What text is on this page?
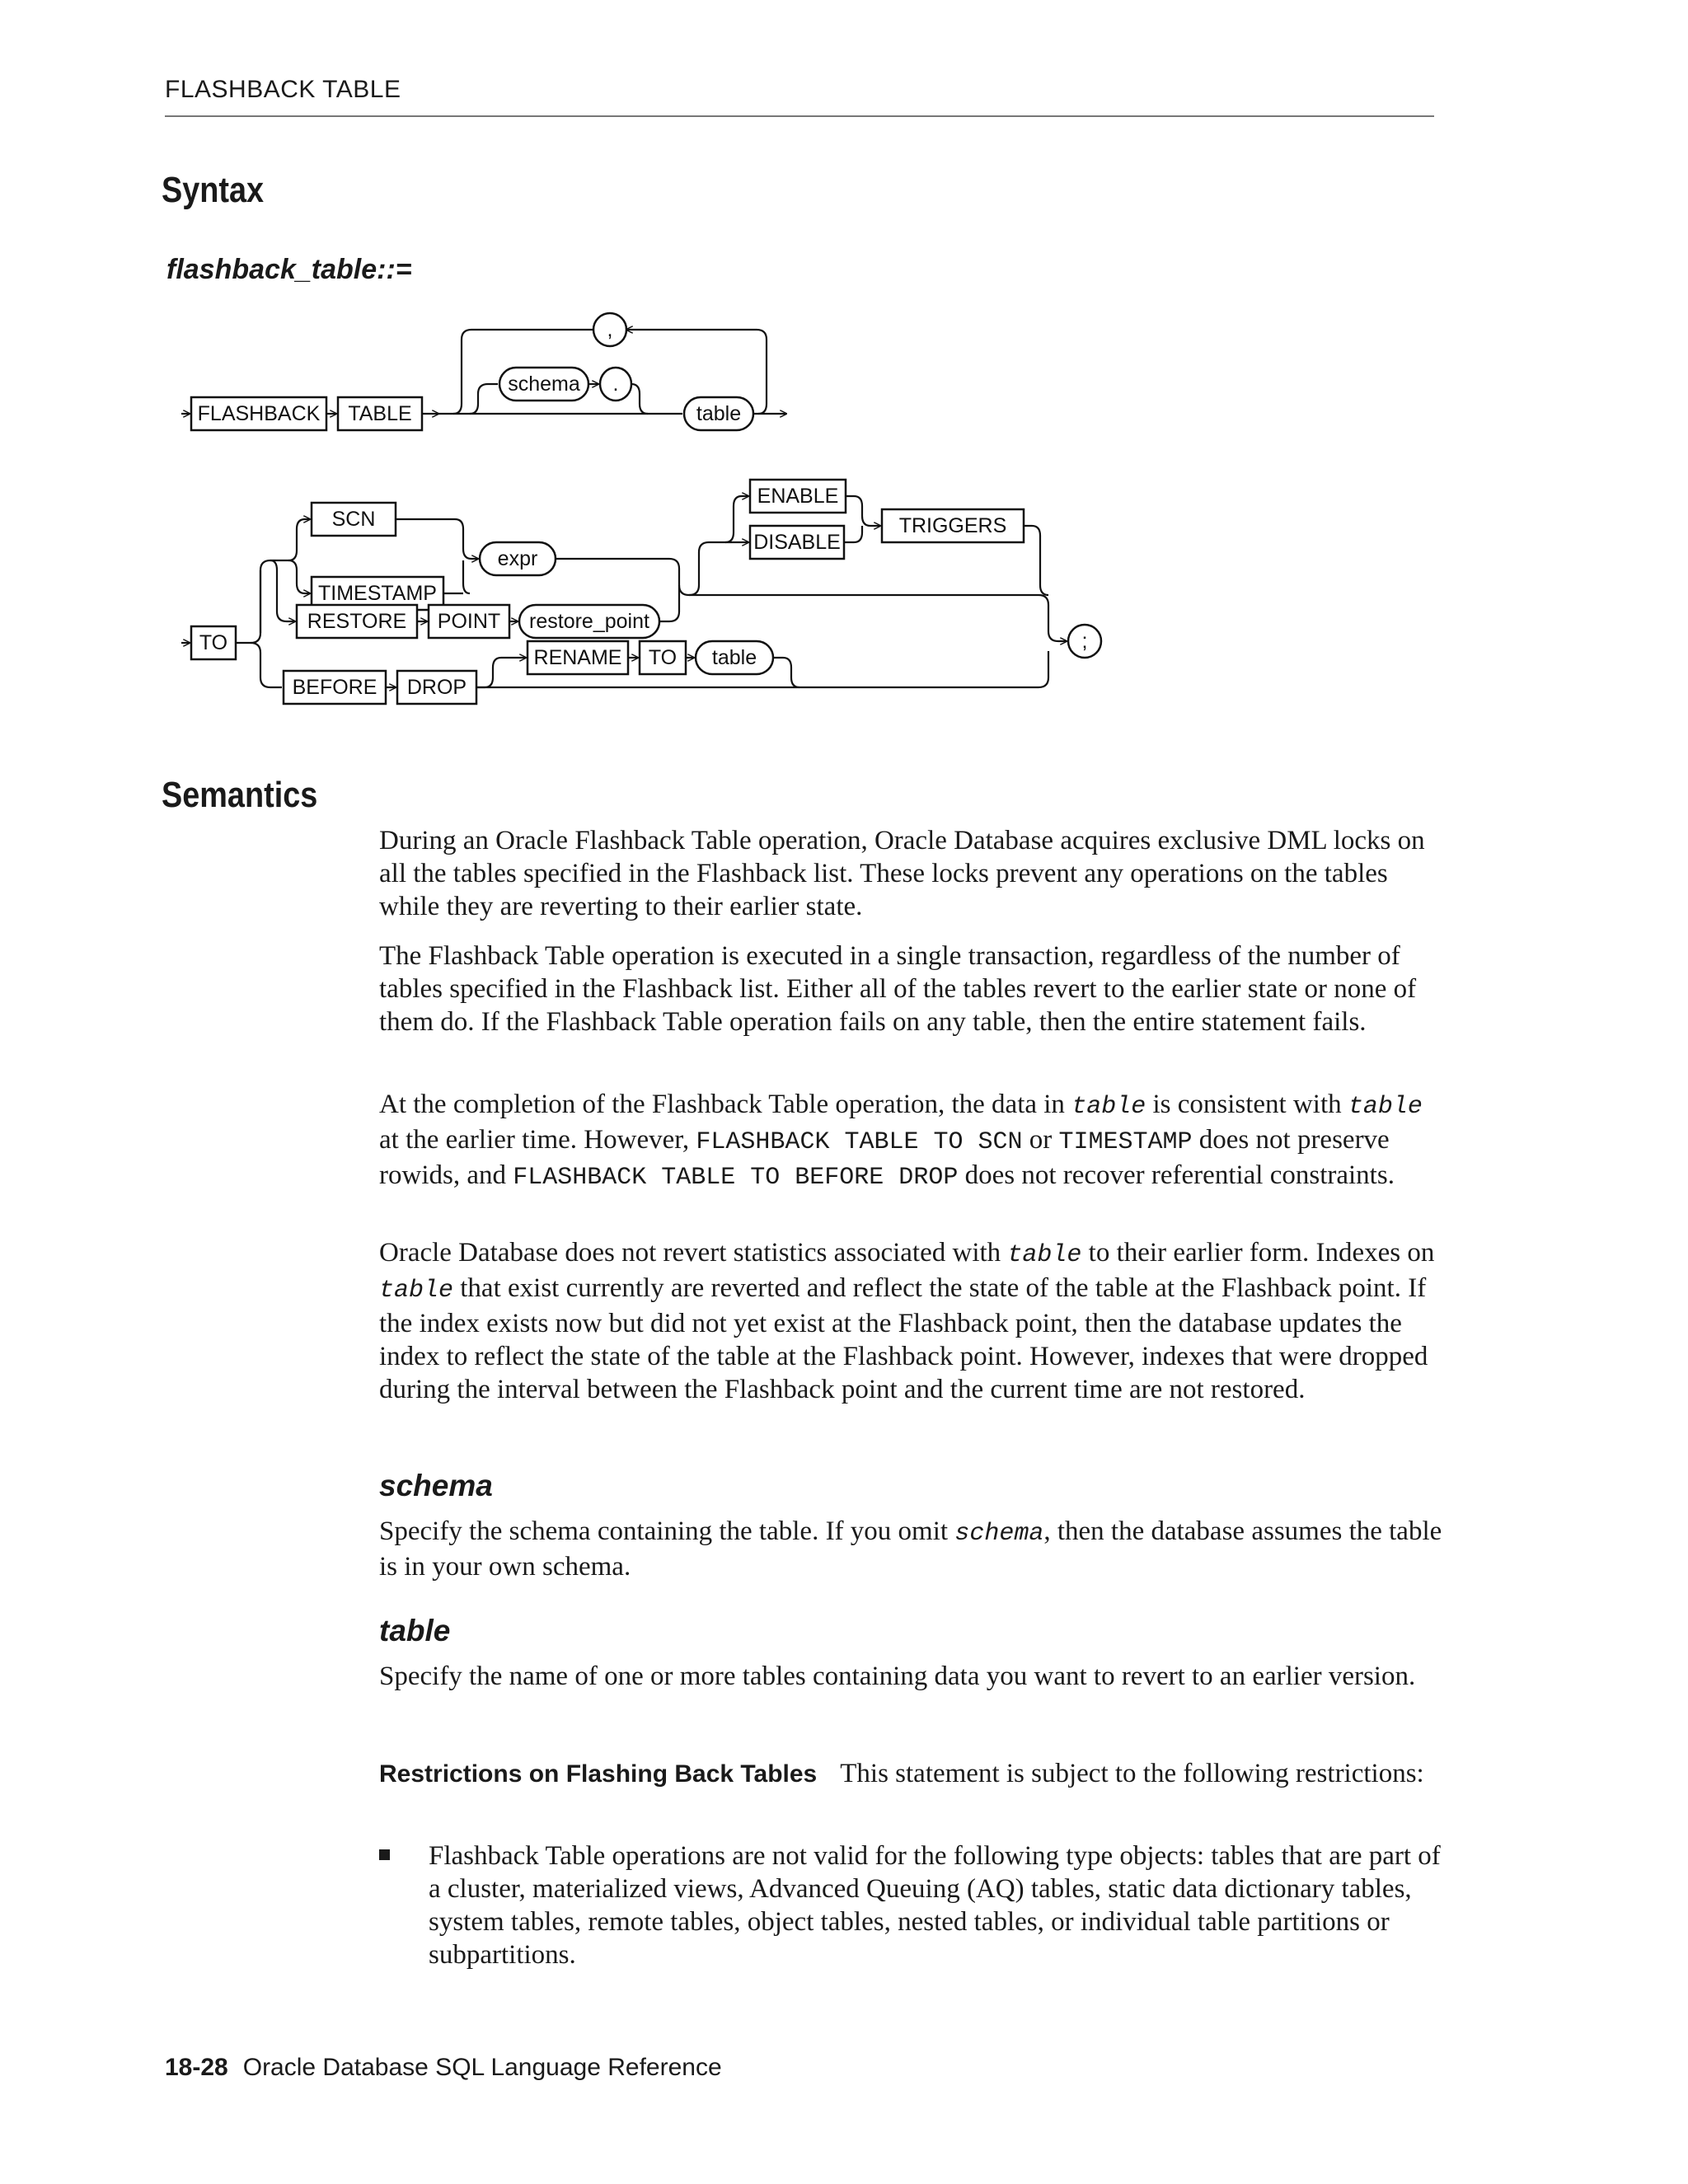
FLASHBACK TABLE
Syntax
flashback_table::=
FLASHBACK TABLE
schema .
,
table
TO
SCN
TIMESTAMP
expr
RESTORE POINT restore_point
ENABLE
DISABLE
TRIGGERS
;
BEFORE DROP
RENAME TO table
Semantics

During an Oracle Flashback Table operation, Oracle Database acquires exclusive DML locks on all the tables specified in the Flashback list. These locks prevent any operations on the tables while they are reverting to their earlier state.

The Flashback Table operation is executed in a single transaction, regardless of the number of tables specified in the Flashback list. Either all of the tables revert to the earlier state or none of them do. If the Flashback Table operation fails on any table, then the entire statement fails.

At the completion of the Flashback Table operation, the data in table is consistent with table at the earlier time. However, FLASHBACK TABLE TO SCN or TIMESTAMP does not preserve rowids, and FLASHBACK TABLE TO BEFORE DROP does not recover referential constraints.

Oracle Database does not revert statistics associated with table to their earlier form. Indexes on table that exist currently are reverted and reflect the state of the table at the Flashback point. If the index exists now but did not yet exist at the Flashback point, then the database updates the index to reflect the state of the table at the Flashback point. However, indexes that were dropped during the interval between the Flashback point and the current time are not restored.

schema

Specify the schema containing the table. If you omit schema, then the database assumes the table is in your own schema.

table

Specify the name of one or more tables containing data you want to revert to an earlier version.

Restrictions on Flashing Back Tables This statement is subject to the following restrictions:

Flashback Table operations are not valid for the following type objects: tables that are part of a cluster, materialized views, Advanced Queuing (AQ) tables, static data dictionary tables, system tables, remote tables, object tables, nested tables, or individual table partitions or subpartitions.

18-28 Oracle Database SQL Language Reference
